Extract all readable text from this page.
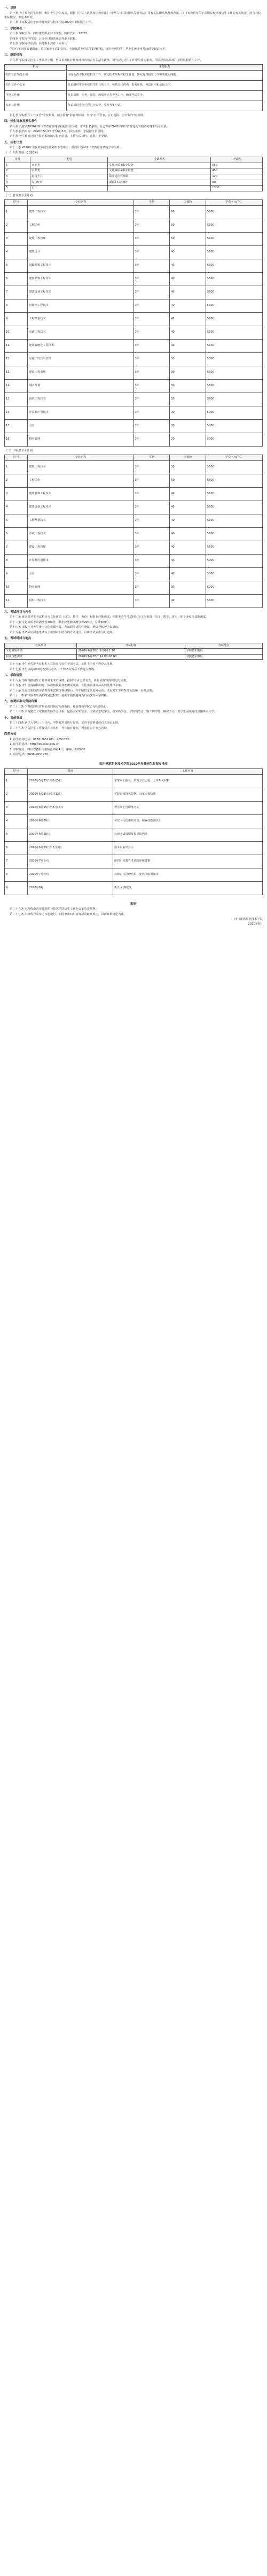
一、总则

第一条 为了规范招生管理，维护考生合法权益，根据《中华人民共和国教育法》《中华人民共和国高等教育法》等有关法律法规及教育部、四川省教育厅关于高职院校单独招生工作的有关规定，结合我院实际情况，制定本章程。

第二条 本章程适用于四川建筑职业技术学院2020年单独招生工作。

二、学院概况

第三条 学院全称：四川建筑职业技术学院，院校代码：12787。

第四条 学院办学性质：公办全日制普通高等职业院校。

第五条 学院办学层次：高等职业教育（专科）。

学院位于四川省德阳市，是国家骨干高职院校、全国优质专科高等职业院校，面向全国招生，毕业生就业率持续保持较高水平。

三、组织机构

第六条 学院成立招生工作领导小组，负责贯彻执行教育部和四川省有关招生政策，研究决定招生工作中的重大事项。学院纪检监察部门全程监督招生工作。

机构	主要职责
招生工作领导小组	全面负责学院单独招生工作，制定招生章程和招生计划，研究处理招生工作中的重大问题。
招生工作办公室	负责组织实施单独招生的日常工作，包括宣传咨询、报名审核、考试组织和录取工作。
考务工作组	负责命题、组考、阅卷、成绩登记等考务工作，确保考试安全。
监察工作组	负责对招生全过程进行监督，受理考生申诉。

第七条 学院招生工作实行"学校负责、招办监督"的管理体制，坚持"公平竞争、公正选拔、公开程序"的原则。

四、招生对象及报名条件

第八条 凡符合2020年四川省普通高等学校招生全国统一考试报名条件，且已参加2020年四川省普通高考报名的考生均可报名。

第九条 报名时间：2020年5月25日至6月5日。报名网址：学院招生信息网。

第十条 考生须通过网上报名系统填写报名信息，上传相关材料，逾期不予受理。

五、招生计划

第十一条 2020年学院单独招生计划如下表所示，最终计划以四川省教育考试院公布为准。

（一）招生类别（2020年）
序号	类别	考试方式	计划数
1	普高类	文化素质+职业技能	650
2	中职类	文化素质+职业技能	450
3	退役士兵	职业适应性测试	120
4	综合评价	面试+综合测评	80
5	合计		1300
（二）普高类专业计划
序号	专业名称	学制	计划数	学费（元/年）
1	建筑工程技术	3年	60	5600
2	工程造价	3年	60	5600
3	建设工程管理	3年	50	5600
4	建筑设计	3年	40	5600
5	道路桥梁工程技术	3年	40	5600
6	建筑装饰工程技术	3年	40	5600
7	建筑设备工程技术	3年	40	5600
8	给排水工程技术	3年	40	5600
9	工程测量技术	3年	40	5600
10	市政工程技术	3年	40	5600
11	建筑智能化工程技术	3年	40	5600
12	房地产经营与管理	3年	30	5000
13	建设工程监理	3年	30	5600
14	城乡规划	3年	30	5600
15	园林工程技术	3年	30	5600
16	计算机应用技术	3年	30	5000
17	会计	3年	30	5000
18	物业管理	3年	20	5000
（三）中职类专业计划
序号	专业名称	学制	计划数	学费（元/年）
1	建筑工程技术	3年	50	5600
2	工程造价	3年	50	5600
3	建筑装饰工程技术	3年	40	5600
4	建筑设备工程技术	3年	40	5600
5	工程测量技术	3年	40	5600
6	市政工程技术	3年	40	5600
7	建设工程管理	3年	40	5600
8	计算机应用技术	3年	40	5000
9	会计	3年	40	5000
10	物业管理	3年	30	5000
11	园林工程技术	3年	40	5600
六、考试科目与内容

第十二条 普高类考生考试科目为文化素质（语文、数学、英语）和职业技能测试；中职类考生考试科目为文化素质（语文、数学、英语）和专业综合技能测试。

第十三条 文化素质考试满分为300分，职业技能测试满分为200分，总分500分。

第十四条 退役士兵考生免于文化素质考试，参加职业适应性测试，测试合格者予以录取。

第十五条 考试采用闭卷笔试与上机测试相结合的方式进行，具体考试安排另行通知。

七、考试时间与地点
考试项目	考试时间	考试地点
文化素质考试	2020年6月20日 9:00-11:30	学院德阳校区
职业技能测试	2020年6月20日 14:00-16:00	学院德阳校区

第十六条 考生须凭准考证和本人有效身份证件参加考试，证件不全者不得进入考场。

第十七条 考生应提前30分钟到达考点，开考15分钟后不得进入考场。

八、录取规则

第十八条 学院根据招生计划和考生考试成绩，按照"专业志愿优先，择优录取"的原则进行录取。

第十九条 考生总成绩相同时，依次按职业技能测试成绩、文化素质成绩从高到低排序录取。

第二十条 录取结果经四川省教育考试院审核备案后，在学院招生信息网公布，录取考生不再参加全国统一高考录取。

第二十一条 被录取考生须按时到校报到，逾期未报到者视为自动放弃入学资格。

九、收费标准与资助政策

第二十二条 学费按四川省物价部门核定标准收取，住宿费按学院公布标准执行。

第二十三条 学院建立了完善的奖助学金体系，包括国家奖学金、国家励志奖学金、国家助学金、学院奖学金、勤工助学等，确保不让一名学生因家庭经济困难而失学。

十、其他事项

第二十四条 新生入学后三个月内，学院将对其进行复查，复查不合格者按有关规定处理。

第二十五条 学院招生工作接受社会监督，考生如有疑问，可通过以下方式咨询。

联系方式

1. 招生咨询电话：0838-2651781、2651780

2. 招生信息网：http://zs.scac.edu.cn

3. 学院地址：四川省德阳市嘉陵江西路4号，邮编：618000

4. 监督电话：0838-2651770

四川建筑职业技术学院2020年单独招生时间安排表
序号	时间	工作内容
1	2020年5月25日至6月5日	考生网上报名，填报专业志愿，上传相关材料
2	2020年6月8日至6月12日	学院审核报名资格，公布审核结果
3	2020年6月15日至6月18日	考生网上打印准考证
4	2020年6月20日	考试（文化素质考试、职业技能测试）
5	2020年6月28日	公布考试成绩及拟录取名单
6	2020年6月29日至7月3日	拟录取名单公示
7	2020年7月上旬	报四川省教育考试院审核备案
8	2020年7月中旬	公布正式录取结果，发放录取通知书
9	2020年9月	新生入学报到
附则

第二十六条 本章程由四川建筑职业技术学院招生工作办公室负责解释。

第二十七条 本章程自发布之日起施行，如国家和四川省有新的政策规定，以新政策规定为准。

四川建筑职业技术学院

2020年5月
